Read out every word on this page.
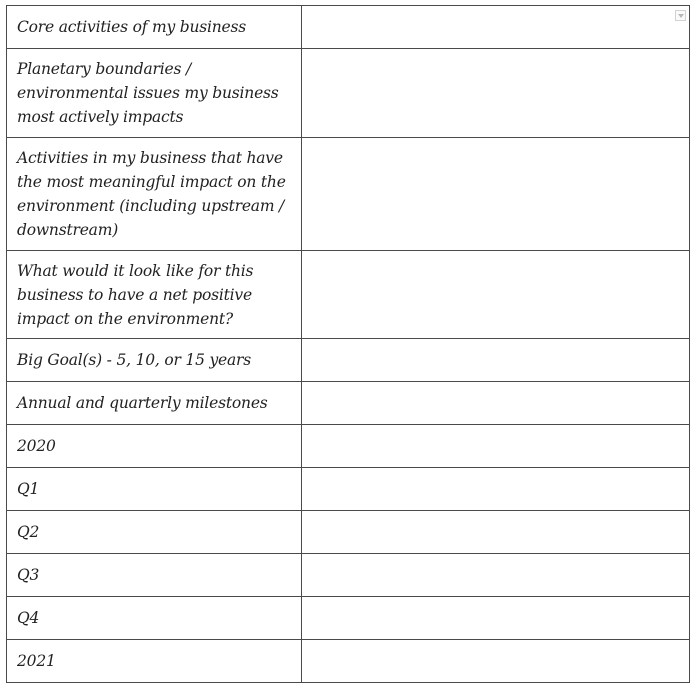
Core activities of my business	

Planetary boundaries / environmental issues my business most actively impacts	
Activities in my business that have the most meaningful impact on the environment (including upstream / downstream)	
What would it look like for this business to have a net positive impact on the environment?	
Big Goal(s) - 5, 10, or 15 years	
Annual and quarterly milestones	
2020	
Q1	
Q2	
Q3	
Q4	
2021	
